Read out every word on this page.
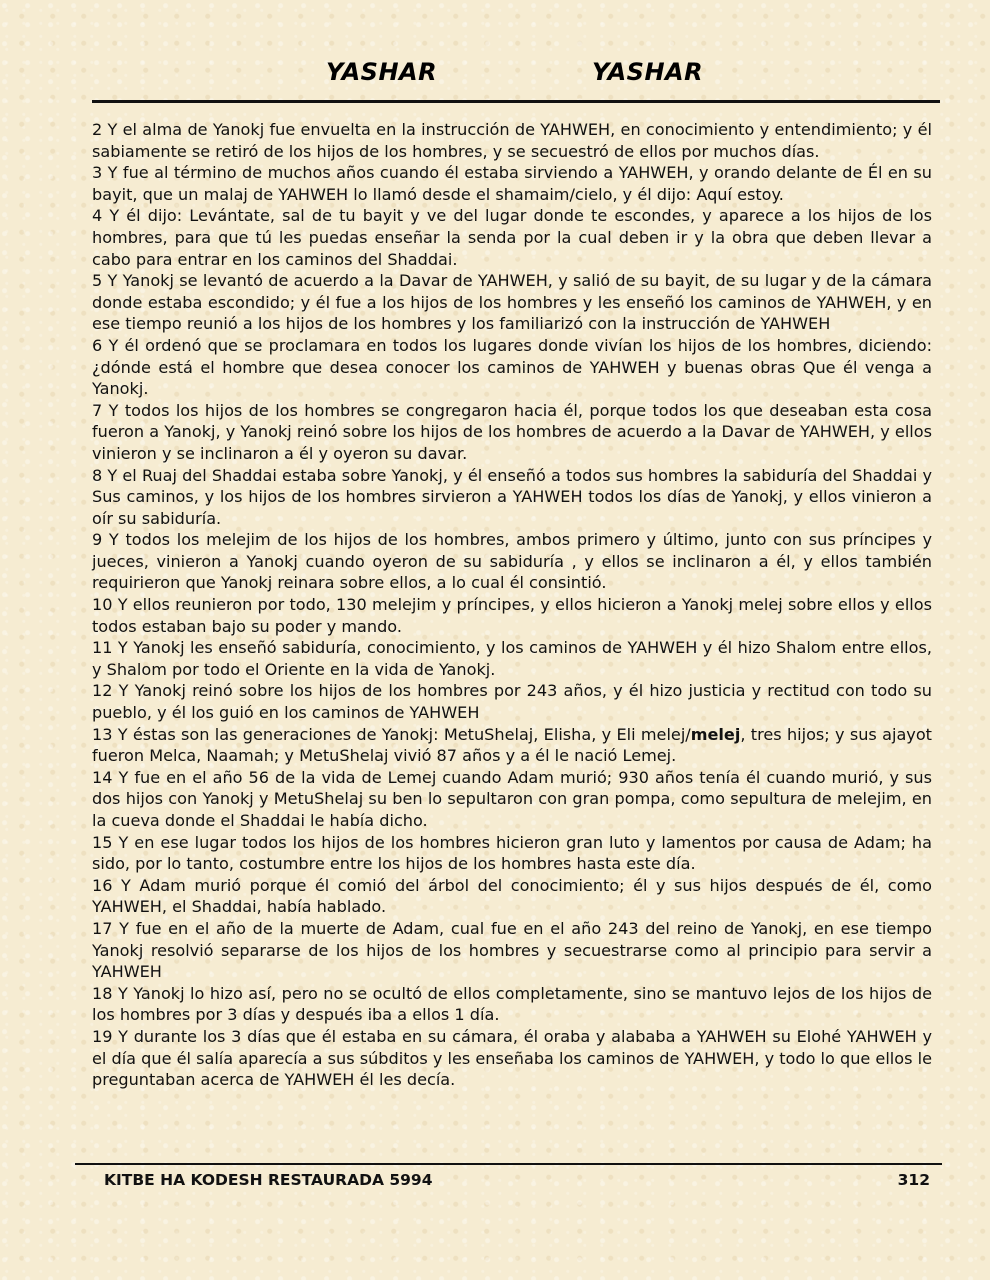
YASHAR	YASHAR

2 Y el alma de Yanokj fue envuelta en la instrucción de YAHWEH, en conocimiento y entendimiento; y él sabiamente se retiró de los hijos de los hombres, y se secuestró de ellos por muchos días.

3 Y fue al término de muchos años cuando él estaba sirviendo a YAHWEH, y orando delante de Él en su bayit, que un malaj de YAHWEH lo llamó desde el shamaim/cielo, y él dijo: Aquí estoy.

4 Y él dijo: Levántate, sal de tu bayit y ve del lugar donde te escondes, y aparece a los hijos de los hombres, para que tú les puedas enseñar la senda por la cual deben ir y la obra que deben llevar a cabo para entrar en los caminos del Shaddai.

5 Y Yanokj se levantó de acuerdo a la Davar de YAHWEH, y salió de su bayit, de su lugar y de la cámara donde estaba escondido; y él fue a los hijos de los hombres y les enseñó los caminos de YAHWEH, y en ese tiempo reunió a los hijos de los hombres y los familiarizó con la instrucción de YAHWEH

6 Y él ordenó que se proclamara en todos los lugares donde vivían los hijos de los hombres, diciendo: ¿dónde está el hombre que desea conocer los caminos de YAHWEH y buenas obras Que él venga a Yanokj.

7 Y todos los hijos de los hombres se congregaron hacia él, porque todos los que deseaban esta cosa fueron a Yanokj, y Yanokj reinó sobre los hijos de los hombres de acuerdo a la Davar de YAHWEH, y ellos vinieron y se inclinaron a él y oyeron su davar.

8 Y el Ruaj del Shaddai estaba sobre Yanokj, y él enseñó a todos sus hombres la sabiduría del Shaddai y Sus caminos, y los hijos de los hombres sirvieron a YAHWEH todos los días de Yanokj, y ellos vinieron a oír su sabiduría.

9 Y todos los melejim de los hijos de los hombres, ambos primero y último, junto con sus príncipes y jueces, vinieron a Yanokj cuando oyeron de su sabiduría , y ellos se inclinaron a él, y ellos también requirieron que Yanokj reinara sobre ellos, a lo cual él consintió.

10 Y ellos reunieron por todo, 130 melejim y príncipes, y ellos hicieron a Yanokj melej sobre ellos y ellos todos estaban bajo su poder y mando.

11 Y Yanokj les enseñó sabiduría, conocimiento, y los caminos de YAHWEH y él hizo Shalom entre ellos, y Shalom por todo el Oriente en la vida de Yanokj.

12 Y Yanokj reinó sobre los hijos de los hombres por 243 años, y él hizo justicia y rectitud con todo su pueblo, y él los guió en los caminos de YAHWEH

13 Y éstas son las generaciones de Yanokj: MetuShelaj, Elisha, y Eli melej/melej, tres hijos; y sus ajayot fueron Melca, Naamah; y MetuShelaj vivió 87 años y a él le nació Lemej.

14 Y fue en el año 56 de la vida de Lemej cuando Adam murió; 930 años tenía él cuando murió, y sus dos hijos con Yanokj y MetuShelaj su ben lo sepultaron con gran pompa, como sepultura de melejim, en la cueva donde el Shaddai le había dicho.

15 Y en ese lugar todos los hijos de los hombres hicieron gran luto y lamentos por causa de Adam; ha sido, por lo tanto, costumbre entre los hijos de los hombres hasta este día.

16 Y Adam murió porque él comió del árbol del conocimiento; él y sus hijos después de él, como YAHWEH, el Shaddai, había hablado.

17 Y fue en el año de la muerte de Adam, cual fue en el año 243 del reino de Yanokj, en ese tiempo Yanokj resolvió separarse de los hijos de los hombres y secuestrarse como al principio para servir a YAHWEH

18 Y Yanokj lo hizo así, pero no se ocultó de ellos completamente, sino se mantuvo lejos de los hijos de los hombres por 3 días y después iba a ellos 1 día.

19 Y durante los 3 días que él estaba en su cámara, él oraba y alababa a YAHWEH su Elohé YAHWEH y el día que él salía aparecía a sus súbditos y les enseñaba los caminos de YAHWEH, y todo lo que ellos le preguntaban acerca de YAHWEH él les decía.

KITBE HA KODESH RESTAURADA 5994	312
